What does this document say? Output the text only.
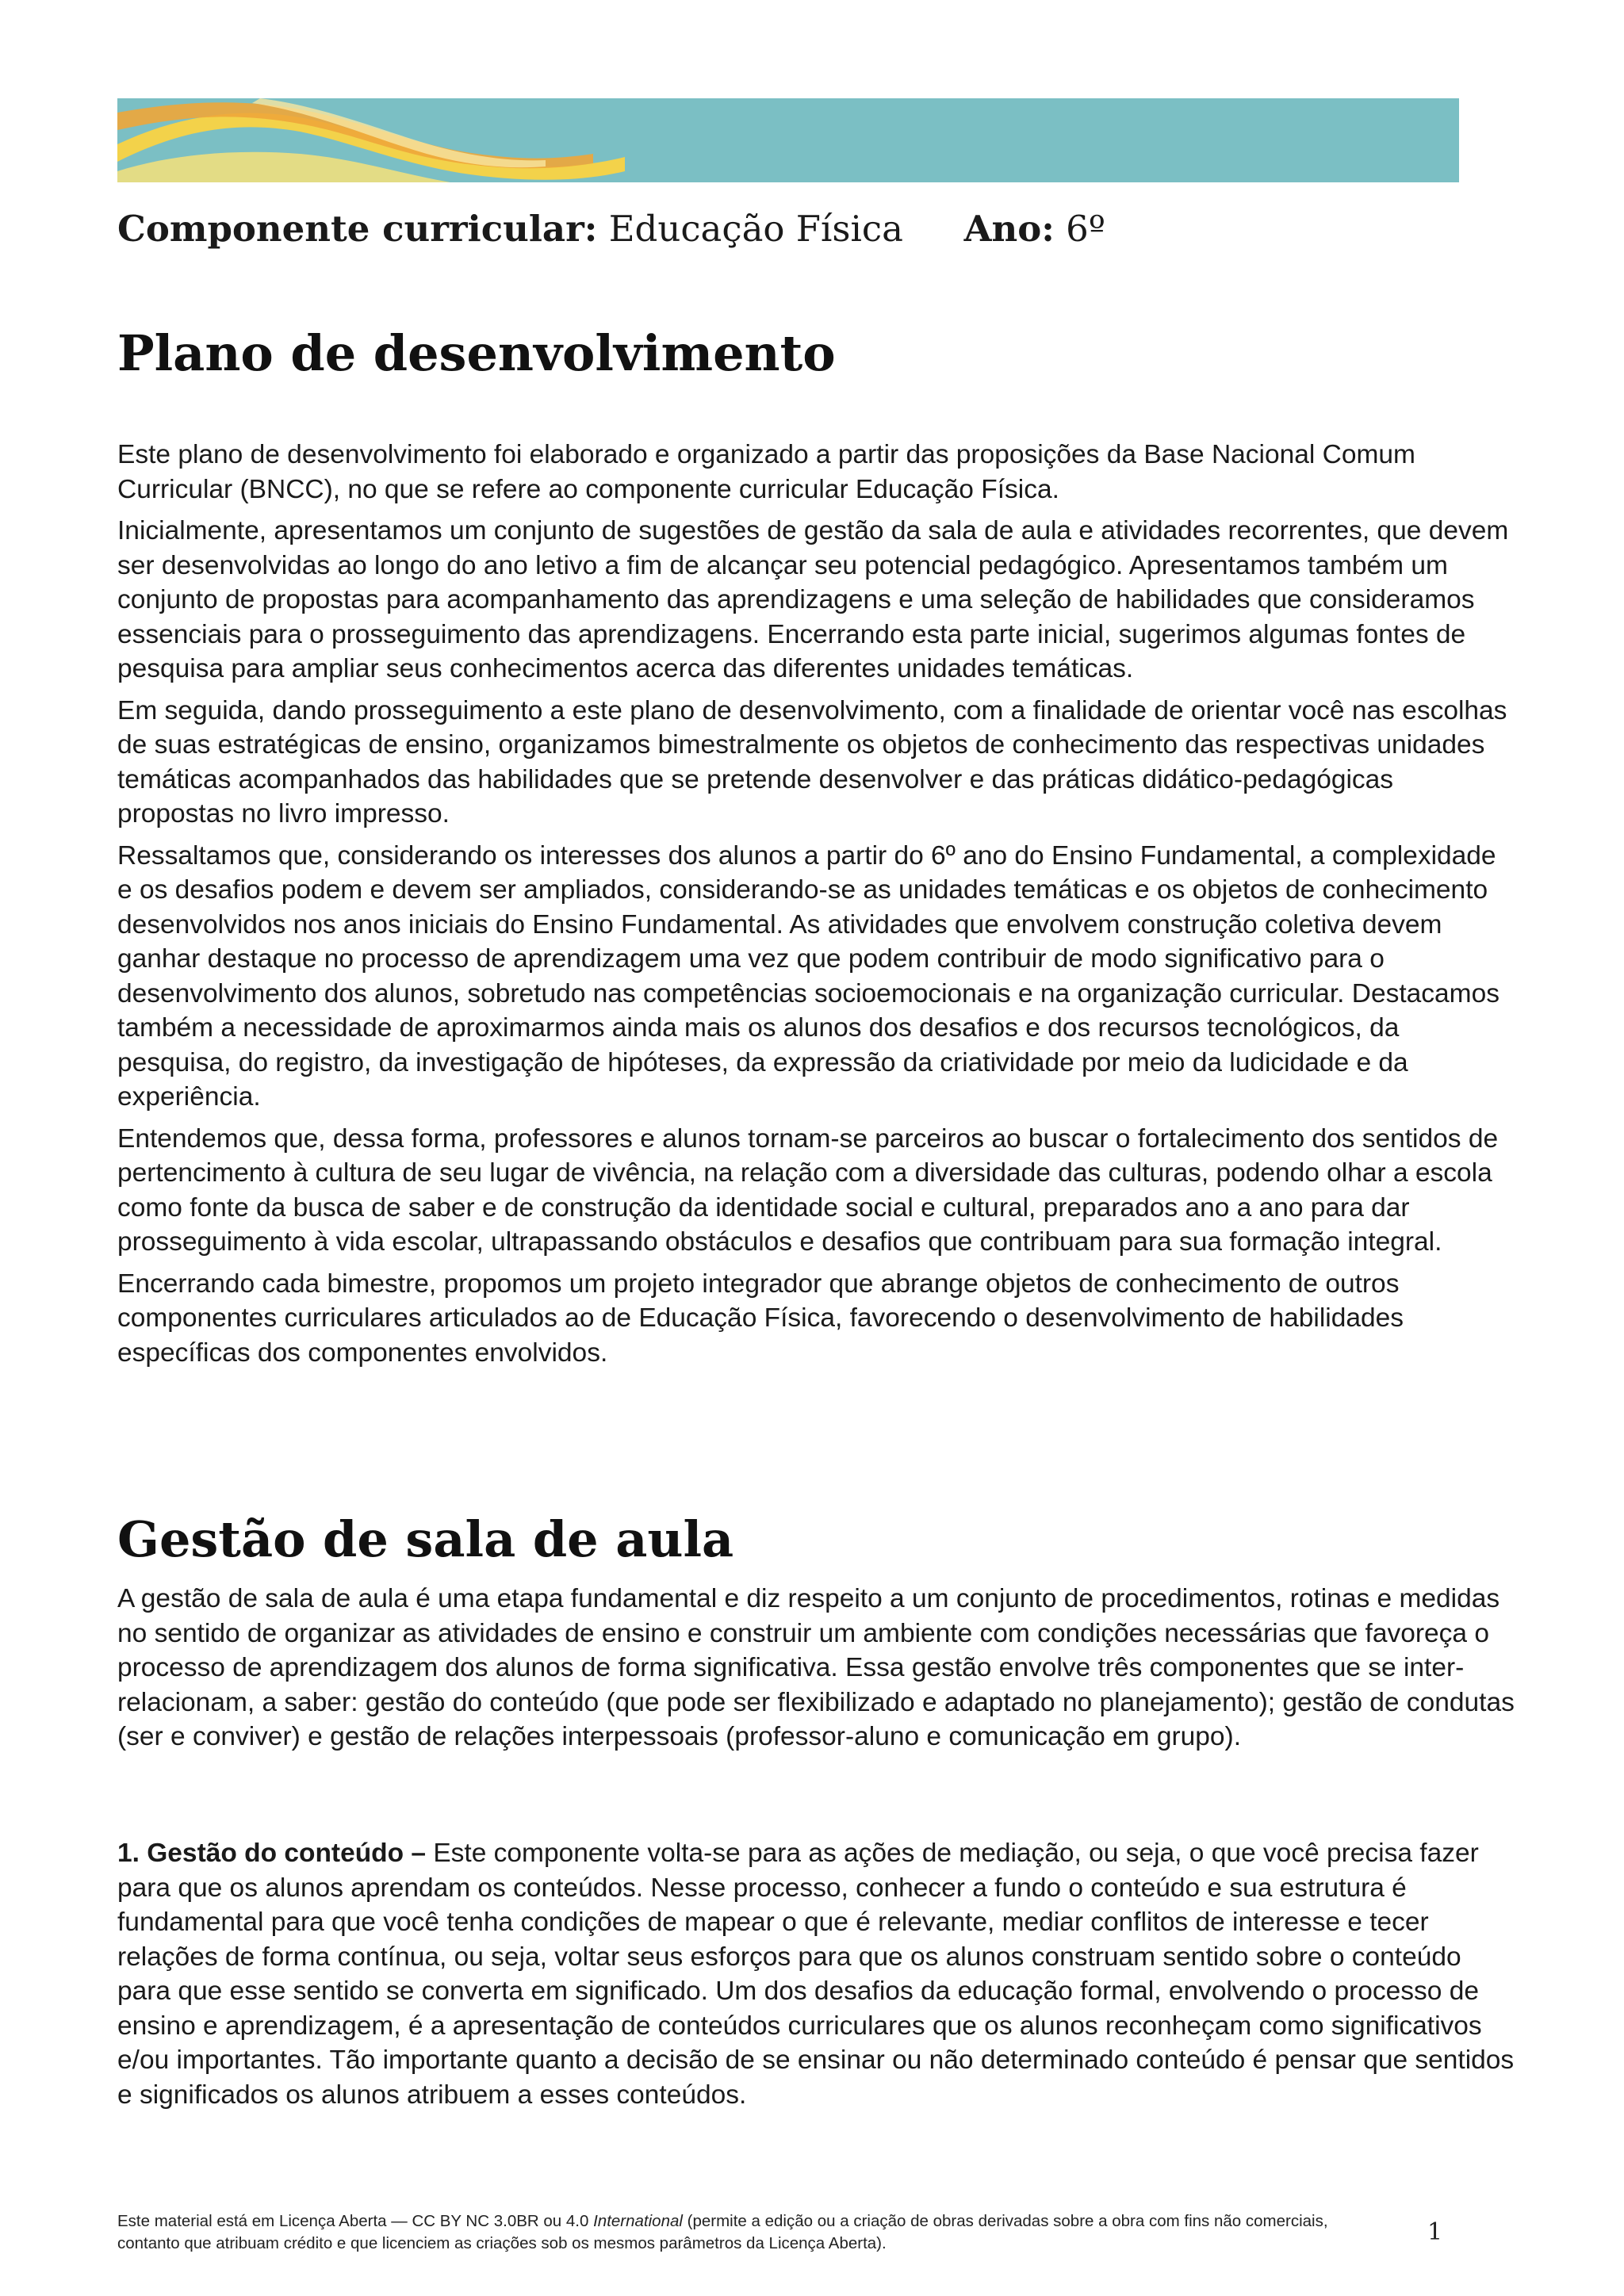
Componente curricular: Educação Física Ano: 6º
Plano de desenvolvimento

Este plano de desenvolvimento foi elaborado e organizado a partir das proposições da Base Nacional Comum Curricular (BNCC), no que se refere ao componente curricular Educação Física.

Inicialmente, apresentamos um conjunto de sugestões de gestão da sala de aula e atividades recorrentes, que devem ser desenvolvidas ao longo do ano letivo a fim de alcançar seu potencial pedagógico. Apresentamos também um conjunto de propostas para acompanhamento das aprendizagens e uma seleção de habilidades que consideramos essenciais para o prosseguimento das aprendizagens. Encerrando esta parte inicial, sugerimos algumas fontes de pesquisa para ampliar seus conhecimentos acerca das diferentes unidades temáticas.

Em seguida, dando prosseguimento a este plano de desenvolvimento, com a finalidade de orientar você nas escolhas de suas estratégicas de ensino, organizamos bimestralmente os objetos de conhecimento das respectivas unidades temáticas acompanhados das habilidades que se pretende desenvolver e das práticas didático-pedagógicas propostas no livro impresso.

Ressaltamos que, considerando os interesses dos alunos a partir do 6º ano do Ensino Fundamental, a complexidade e os desafios podem e devem ser ampliados, considerando-se as unidades temáticas e os objetos de conhecimento desenvolvidos nos anos iniciais do Ensino Fundamental. As atividades que envolvem construção coletiva devem ganhar destaque no processo de aprendizagem uma vez que podem contribuir de modo significativo para o desenvolvimento dos alunos, sobretudo nas competências socioemocionais e na organização curricular. Destacamos também a necessidade de aproximarmos ainda mais os alunos dos desafios e dos recursos tecnológicos, da pesquisa, do registro, da investigação de hipóteses, da expressão da criatividade por meio da ludicidade e da experiência.

Entendemos que, dessa forma, professores e alunos tornam-se parceiros ao buscar o fortalecimento dos sentidos de pertencimento à cultura de seu lugar de vivência, na relação com a diversidade das culturas, podendo olhar a escola como fonte da busca de saber e de construção da identidade social e cultural, preparados ano a ano para dar prosseguimento à vida escolar, ultrapassando obstáculos e desafios que contribuam para sua formação integral.

Encerrando cada bimestre, propomos um projeto integrador que abrange objetos de conhecimento de outros componentes curriculares articulados ao de Educação Física, favorecendo o desenvolvimento de habilidades específicas dos componentes envolvidos.

Gestão de sala de aula

A gestão de sala de aula é uma etapa fundamental e diz respeito a um conjunto de procedimentos, rotinas e medidas no sentido de organizar as atividades de ensino e construir um ambiente com condições necessárias que favoreça o processo de aprendizagem dos alunos de forma significativa. Essa gestão envolve três componentes que se inter-relacionam, a saber: gestão do conteúdo (que pode ser flexibilizado e adaptado no planejamento); gestão de condutas (ser e conviver) e gestão de relações interpessoais (professor-aluno e comunicação em grupo).

1. Gestão do conteúdo – Este componente volta-se para as ações de mediação, ou seja, o que você precisa fazer para que os alunos aprendam os conteúdos. Nesse processo, conhecer a fundo o conteúdo e sua estrutura é fundamental para que você tenha condições de mapear o que é relevante, mediar conflitos de interesse e tecer relações de forma contínua, ou seja, voltar seus esforços para que os alunos construam sentido sobre o conteúdo para que esse sentido se converta em significado. Um dos desafios da educação formal, envolvendo o processo de ensino e aprendizagem, é a apresentação de conteúdos curriculares que os alunos reconheçam como significativos e/ou importantes. Tão importante quanto a decisão de se ensinar ou não determinado conteúdo é pensar que sentidos e significados os alunos atribuem a esses conteúdos.

Este material está em Licença Aberta — CC BY NC 3.0BR ou 4.0 International (permite a edição ou a criação de obras derivadas sobre a obra com fins não comerciais, contanto que atribuam crédito e que licenciem as criações sob os mesmos parâmetros da Licença Aberta).	1
